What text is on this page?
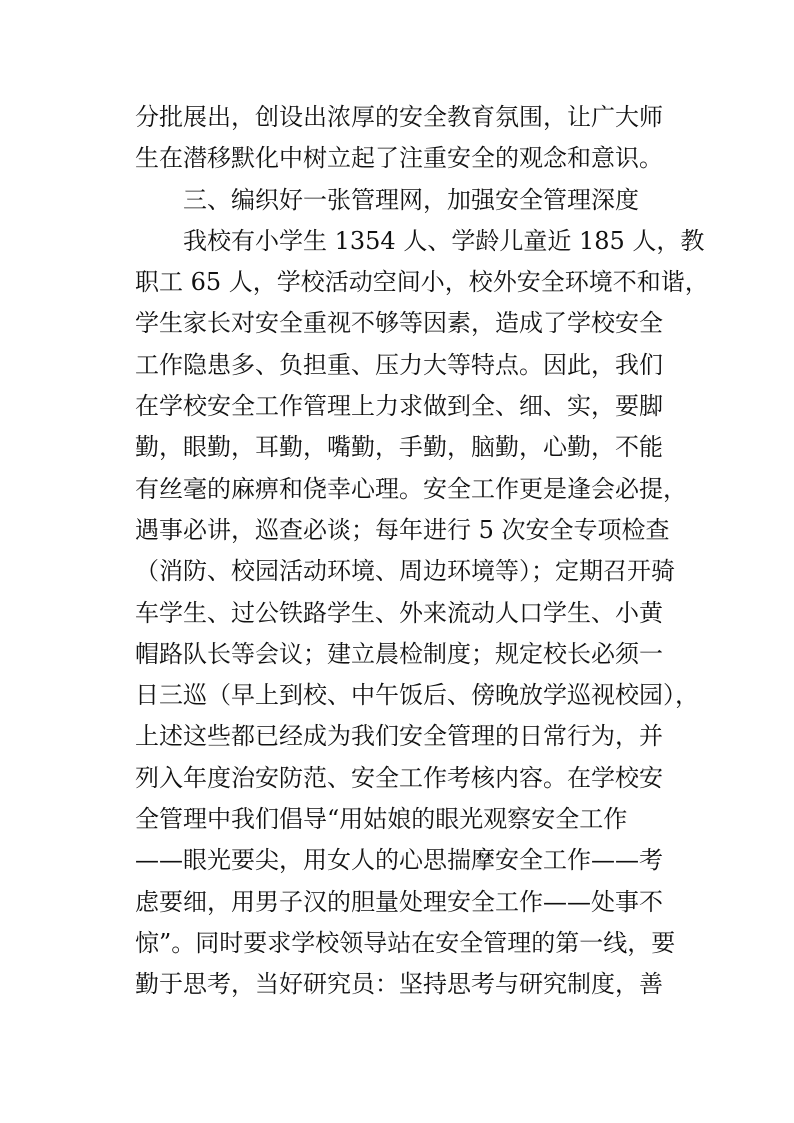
分批展出，创设出浓厚的安全教育氛围，让广大师
生在潜移默化中树立起了注重安全的观念和意识。
三、编织好一张管理网，加强安全管理深度
我校有小学生 1354 人、学龄儿童近 185 人，教
职工 65 人，学校活动空间小，校外安全环境不和谐，
学生家长对安全重视不够等因素，造成了学校安全
工作隐患多、负担重、压力大等特点。因此，我们
在学校安全工作管理上力求做到全、细、实，要脚
勤，眼勤，耳勤，嘴勤，手勤，脑勤，心勤，不能
有丝毫的麻痹和侥幸心理。安全工作更是逢会必提，
遇事必讲，巡查必谈；每年进行 5 次安全专项检查
（消防、校园活动环境、周边环境等）；定期召开骑
车学生、过公铁路学生、外来流动人口学生、小黄
帽路队长等会议；建立晨检制度；规定校长必须一
日三巡（早上到校、中午饭后、傍晚放学巡视校园），
上述这些都已经成为我们安全管理的日常行为，并
列入年度治安防范、安全工作考核内容。在学校安
全管理中我们倡导“用姑娘的眼光观察安全工作
——眼光要尖，用女人的心思揣摩安全工作——考
虑要细，用男子汉的胆量处理安全工作——处事不
惊”。同时要求学校领导站在安全管理的第一线，要
勤于思考，当好研究员：坚持思考与研究制度，善
